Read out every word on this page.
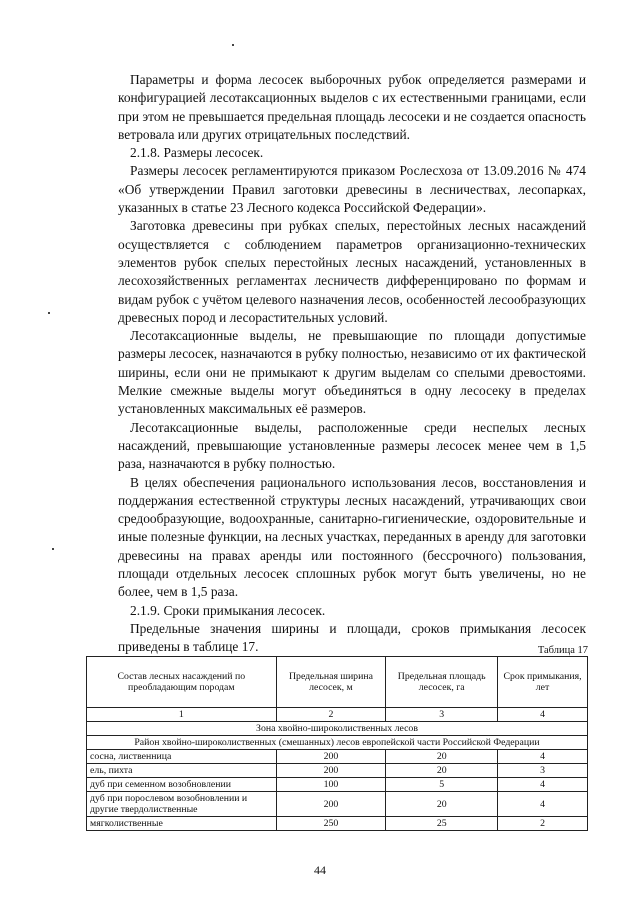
Параметры и форма лесосек выборочных рубок определяется размерами и конфигурацией лесотаксационных выделов с их естественными границами, если при этом не превышается предельная площадь лесосеки и не создается опасность ветровала или других отрицательных последствий.

2.1.8. Размеры лесосек.

Размеры лесосек регламентируются приказом Рослесхоза от 13.09.2016 № 474 «Об утверждении Правил заготовки древесины в лесничествах, лесопарках, указанных в статье 23 Лесного кодекса Российской Федерации».

Заготовка древесины при рубках спелых, перестойных лесных насаждений осуществляется с соблюдением параметров организационно-технических элементов рубок спелых перестойных лесных насаждений, установленных в лесохозяйственных регламентах лесничеств дифференцировано по формам и видам рубок с учётом целевого назначения лесов, особенностей лесообразующих древесных пород и лесорастительных условий.

Лесотаксационные выделы, не превышающие по площади допустимые размеры лесосек, назначаются в рубку полностью, независимо от их фактической ширины, если они не примыкают к другим выделам со спелыми древостоями. Мелкие смежные выделы могут объединяться в одну лесосеку в пределах установленных максимальных её размеров.

Лесотаксационные выделы, расположенные среди неспелых лесных насаждений, превышающие установленные размеры лесосек менее чем в 1,5 раза, назначаются в рубку полностью.

В целях обеспечения рационального использования лесов, восстановления и поддержания естественной структуры лесных насаждений, утрачивающих свои средообразующие, водоохранные, санитарно-гигиенические, оздоровительные и иные полезные функции, на лесных участках, переданных в аренду для заготовки древесины на правах аренды или постоянного (бессрочного) пользования, площади отдельных лесосек сплошных рубок могут быть увеличены, но не более, чем в 1,5 раза.

2.1.9. Сроки примыкания лесосек.

Предельные значения ширины и площади, сроков примыкания лесосек приведены в таблице 17.	Таблица 17
Состав лесных насаждений по преобладающим породам	Предельная ширина лесосек, м	Предельная площадь лесосек, га	Срок примыкания, лет
1	2	3	4
Зона хвойно-широколиственных лесов			
Район хвойно-широколиственных (смешанных) лесов европейской части Российской Федерации			
сосна, лиственница	200	20	4
ель, пихта	200	20	3
дуб при семенном возобновлении	100	5	4
дуб при порослевом возобновлении и другие твердолиственные	200	20	4
мягколиственные	250	25	2
44
